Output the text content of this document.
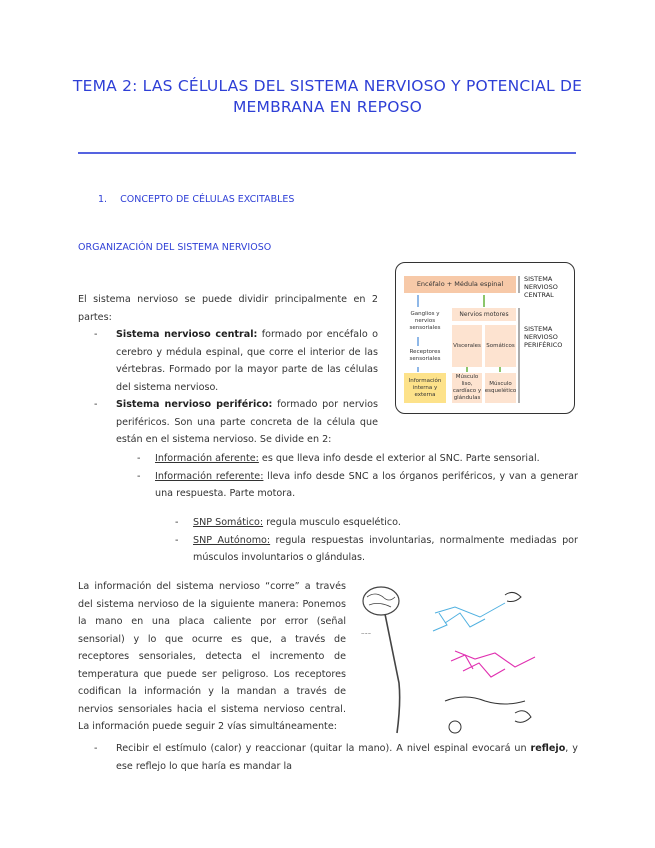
TEMA 2: LAS CÉLULAS DEL SISTEMA NERVIOSO Y POTENCIAL DE MEMBRANA EN REPOSO
1. CONCEPTO DE CÉLULAS EXCITABLES
ORGANIZACIÓN DEL SISTEMA NERVIOSO
El sistema nervioso se puede dividir principalmente en 2 partes:
- Sistema nervioso central: formado por encéfalo o cerebro y médula espinal, que corre el interior de las vértebras. Formado por la mayor parte de las células del sistema nervioso.
- Sistema nervioso periférico: formado por nervios periféricos. Son una parte concreta de la célula que están en el sistema nervioso. Se divide en 2:
Encéfalo + Médula espinal
Ganglios y nervios sensoriales
Receptores sensoriales
Información interna y externa
Nervios motores
Viscerales Somáticos
Músculo liso, cardíaco y glándulas
Músculo esquelético
SISTEMA NERVIOSO CENTRAL
SISTEMA NERVIOSO PERIFÉRICO
- Información aferente: es que lleva info desde el exterior al SNC. Parte sensorial.
- Información referente: lleva info desde SNC a los órganos periféricos, y van a generar una respuesta. Parte motora.
- SNP Somático: regula musculo esquelético.
- SNP Autónomo: regula respuestas involuntarias, normalmente mediadas por músculos involuntarios o glándulas.
La información del sistema nervioso “corre” a través del sistema nervioso de la siguiente manera: Ponemos la mano en una placa caliente por error (señal sensorial) y lo que ocurre es que, a través de receptores sensoriales, detecta el incremento de temperatura que puede ser peligroso. Los receptores codifican la información y la mandan a través de nervios sensoriales hacia el sistema nervioso central. La información puede seguir 2 vías simultáneamente:
~~~
- Recibir el estímulo (calor) y reaccionar (quitar la mano). A nivel espinal evocará un reflejo, y ese reflejo lo que haría es mandar la
